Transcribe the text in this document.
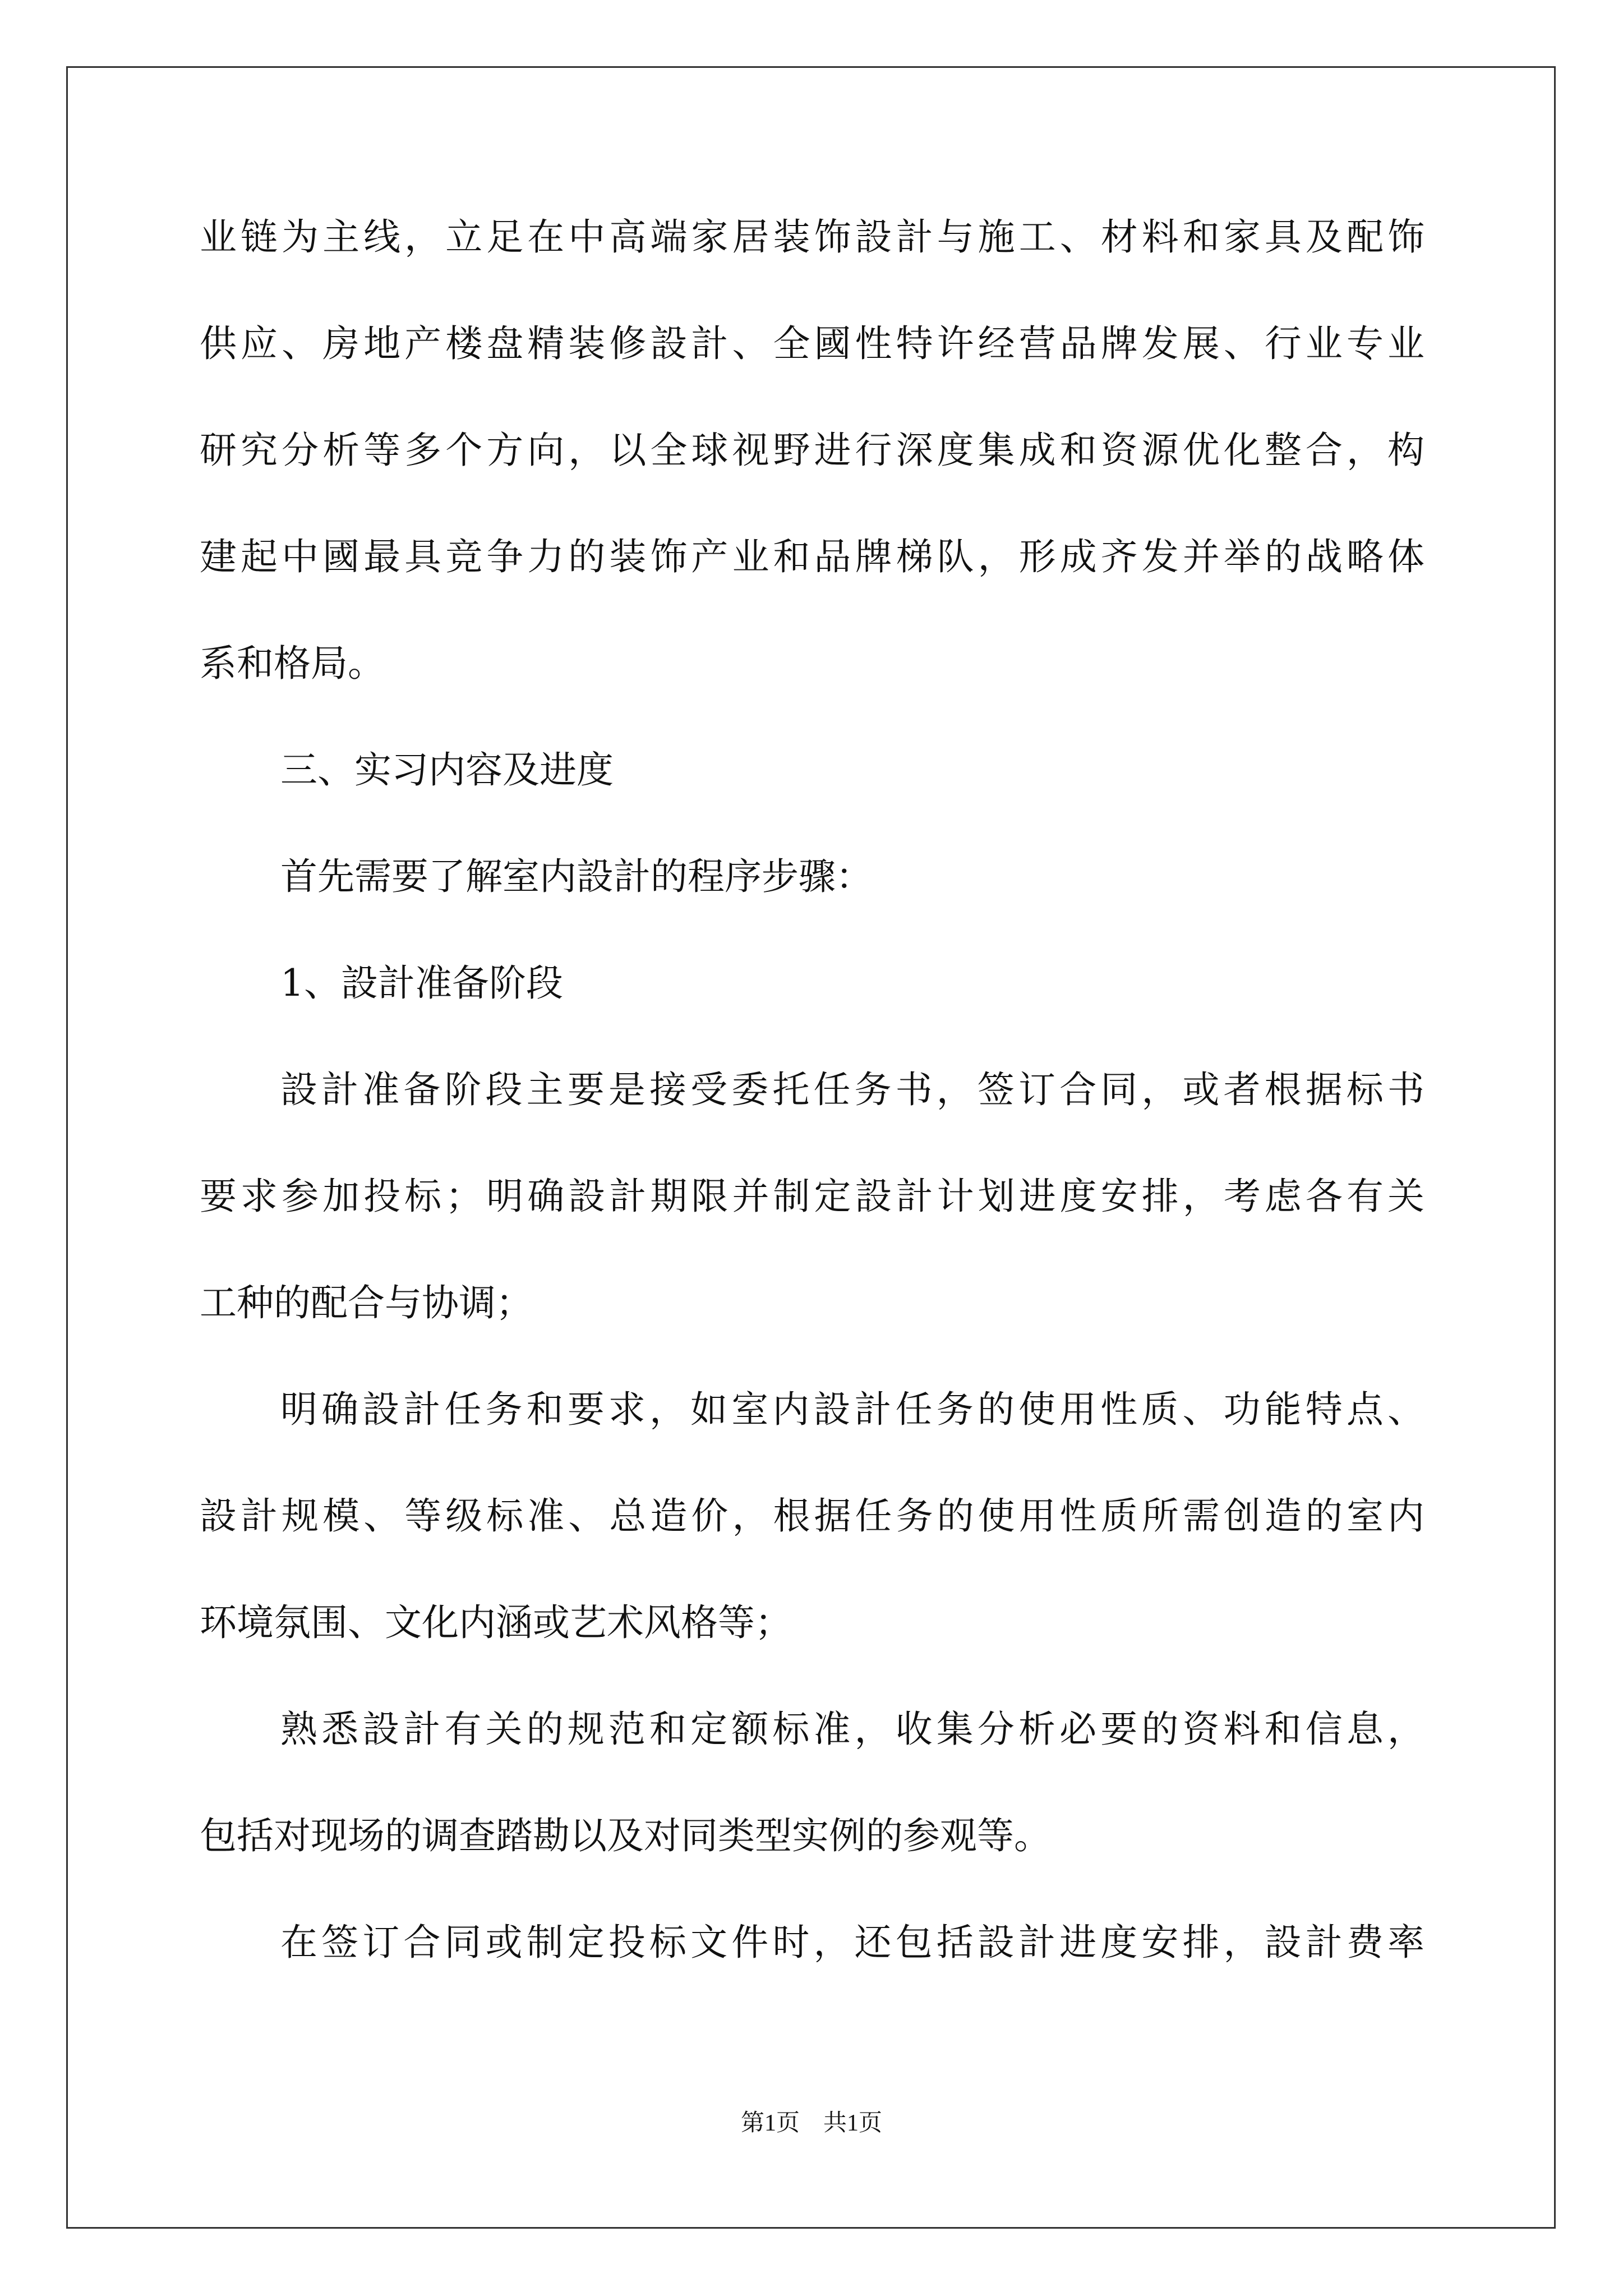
业链为主线，立足在中高端家居装饰設計与施工、材料和家具及配饰
供应、房地产楼盘精装修設計、全國性特许经营品牌发展、行业专业
研究分析等多个方向，以全球视野进行深度集成和资源优化整合，构
建起中國最具竞争力的装饰产业和品牌梯队，形成齐发并举的战略体
系和格局。
三、实习内容及进度
首先需要了解室内設計的程序步骤：
1、設計准备阶段
設計准备阶段主要是接受委托任务书，签订合同，或者根据标书
要求参加投标；明确設計期限并制定設計计划进度安排，考虑各有关
工种的配合与协调；
明确設計任务和要求，如室内設計任务的使用性质、功能特点、
設計规模、等级标准、总造价，根据任务的使用性质所需创造的室内
环境氛围、文化内涵或艺术风格等；
熟悉設計有关的规范和定额标准，收集分析必要的资料和信息，
包括对现场的调查踏勘以及对同类型实例的参观等。
在签订合同或制定投标文件时，还包括設計进度安排，設計费率
第1页　共1页
